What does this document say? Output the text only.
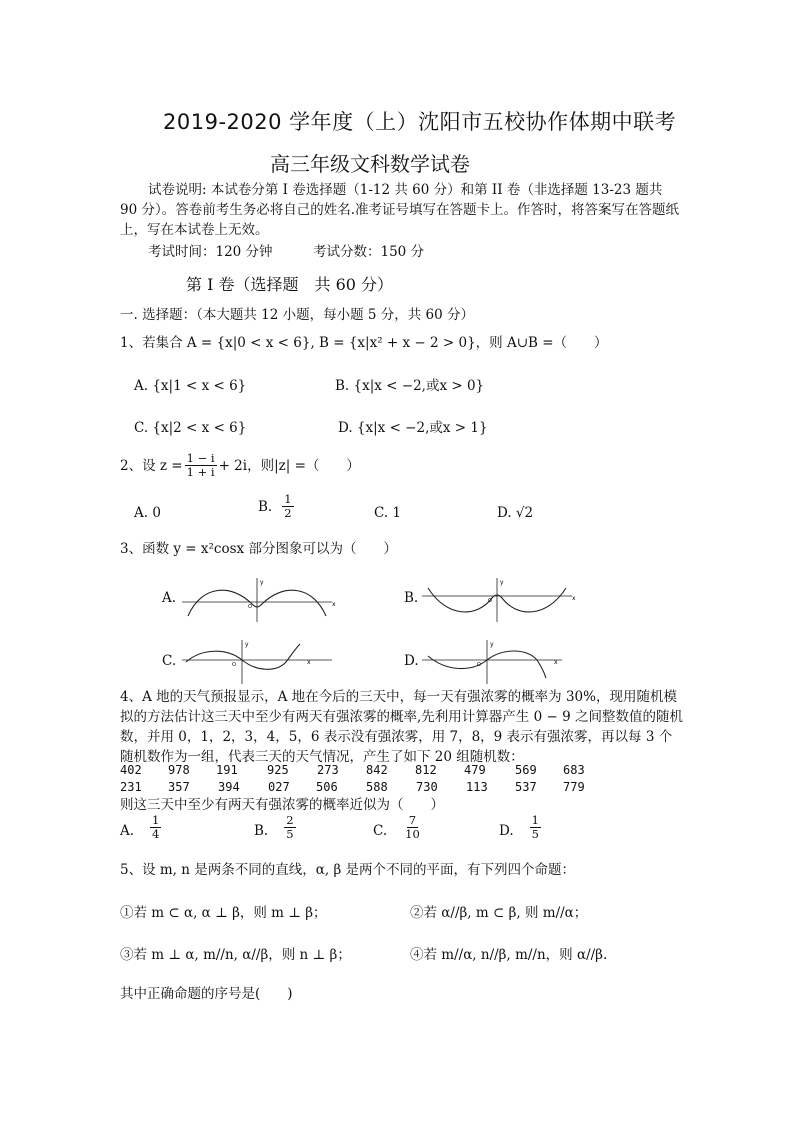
2019-2020 学年度（上）沈阳市五校协作体期中联考
高三年级文科数学试卷
试卷说明: 本试卷分第 I 卷选择题（1-12 共 60 分）和第 II 卷（非选择题 13-23 题共 90 分）。答卷前考生务必将自己的姓名.准考证号填写在答题卡上。作答时，将答案写在答题纸上，写在本试卷上无效。
考试时间：120 分钟	考试分数：150 分
第 I 卷（选择题　共 60 分）
一. 选择题：（本大题共 12 小题，每小题 5 分，共 60 分）
1、若集合 A = {x|0 < x < 6}, B = {x|x² + x − 2 > 0}，则 A∪B =（　　）
A. {x|1 < x < 6}	B. {x|x < −2,或x > 0}
C. {x|2 < x < 6}	D. {x|x < −2,或x > 1}
2、设 $z = \frac{1 - i}{1 + i} + 2i$，则|z| =（　　）
A. 0	B. $\frac{1}{2}$	C. 1	D. √2
3、函数 y = x²cosx 部分图象可以为（　　）
A.
y
x
O
B.
y
x
O
C.
y
x
O	D.
y
x
O
4、A 地的天气预报显示，A 地在今后的三天中，每一天有强浓雾的概率为 30%，现用随机模拟的方法估计这三天中至少有两天有强浓雾的概率,先利用计算器产生 0 − 9 之间整数值的随机数，并用 0，1，2，3，4，5，6 表示没有强浓雾，用 7，8，9 表示有强浓雾，再以每 3 个随机数作为一组，代表三天的天气情况，产生了如下 20 组随机数：
402 978 191 925 273 842 812 479 569 683
231 357 394 027 506 588 730 113 537 779
则这三天中至少有两天有强浓雾的概率近似为（　　）
A. $\frac{1}{4}$	B. $\frac{2}{5}$	C. $\frac{7}{10}$	D. $\frac{1}{5}$
5、设 m, n 是两条不同的直线，α, β 是两个不同的平面，有下列四个命题：
①若 m ⊂ α, α ⊥ β，则 m ⊥ β；	②若 α//β, m ⊂ β, 则 m//α；
③若 m ⊥ α, m//n, α//β，则 n ⊥ β；	④若 m//α, n//β, m//n，则 α//β.
其中正确命题的序号是(　　)
